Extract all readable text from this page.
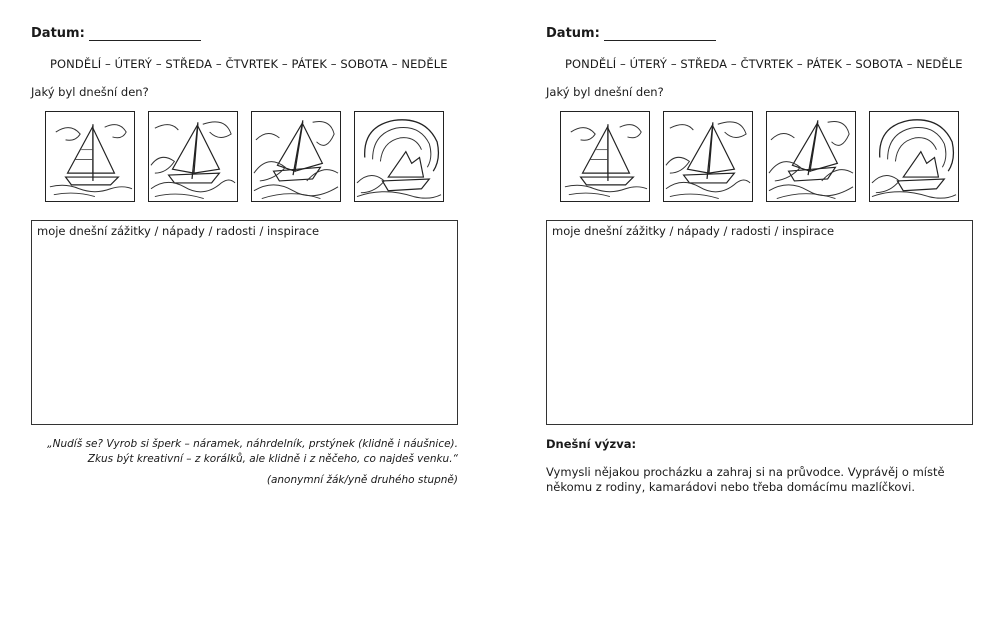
Datum:
PONDĚLÍ – ÚTERÝ – STŘEDA – ČTVRTEK – PÁTEK – SOBOTA – NEDĚLE
Jaký byl dnešní den?
moje dnešní zážitky / nápady / radosti / inspirace
„Nudíš se? Vyrob si šperk – náramek, náhrdelník, prstýnek (klidně i náušnice).
Zkus být kreativní – z korálků, ale klidně i z něčeho, co najdeš venku.“
(anonymní žák/yně druhého stupně)
Datum:
PONDĚLÍ – ÚTERÝ – STŘEDA – ČTVRTEK – PÁTEK – SOBOTA – NEDĚLE
Jaký byl dnešní den?
moje dnešní zážitky / nápady / radosti / inspirace
Dnešní výzva:
Vymysli nějakou procházku a zahraj si na průvodce. Vyprávěj o místě
někomu z rodiny, kamarádovi nebo třeba domácímu mazlíčkovi.
